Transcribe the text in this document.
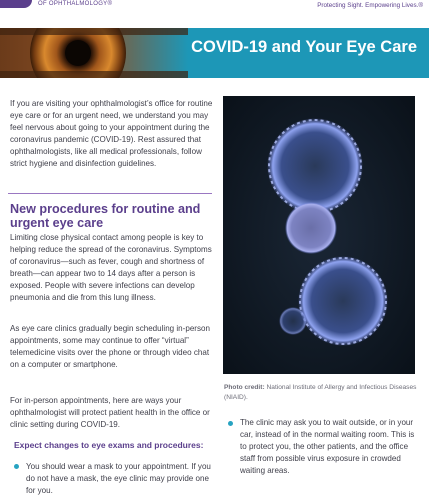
OF OPHTHALMOLOGY®	Protecting Sight. Empowering Lives.®
COVID-19 and Your Eye Care

If you are visiting your ophthalmologist’s office for routine eye care or for an urgent need, we understand you may feel nervous about going to your appointment during the coronavirus pandemic (COVID-19). Rest assured that ophthalmologists, like all medical professionals, follow strict hygiene and disinfection guidelines.

New procedures for routine and urgent eye care

Limiting close physical contact among people is key to helping reduce the spread of the coronavirus. Symptoms of coronavirus—such as fever, cough and shortness of breath—can appear two to 14 days after a person is exposed. People with severe infections can develop pneumonia and die from this lung illness.

As eye care clinics gradually begin scheduling in-person appointments, some may continue to offer “virtual” telemedicine visits over the phone or through video chat on a computer or smartphone.

For in-person appointments, here are ways your ophthalmologist will protect patient health in the office or clinic setting during COVID-19.

Expect changes to eye exams and procedures:

You should wear a mask to your appointment. If you do not have a mask, the eye clinic may provide one for you.

Photo credit: National Institute of Allergy and Infectious Diseases (NIAID).

The clinic may ask you to wait outside, or in your car, instead of in the normal waiting room. This is to protect you, the other patients, and the office staff from possible virus exposure in crowded waiting areas.
